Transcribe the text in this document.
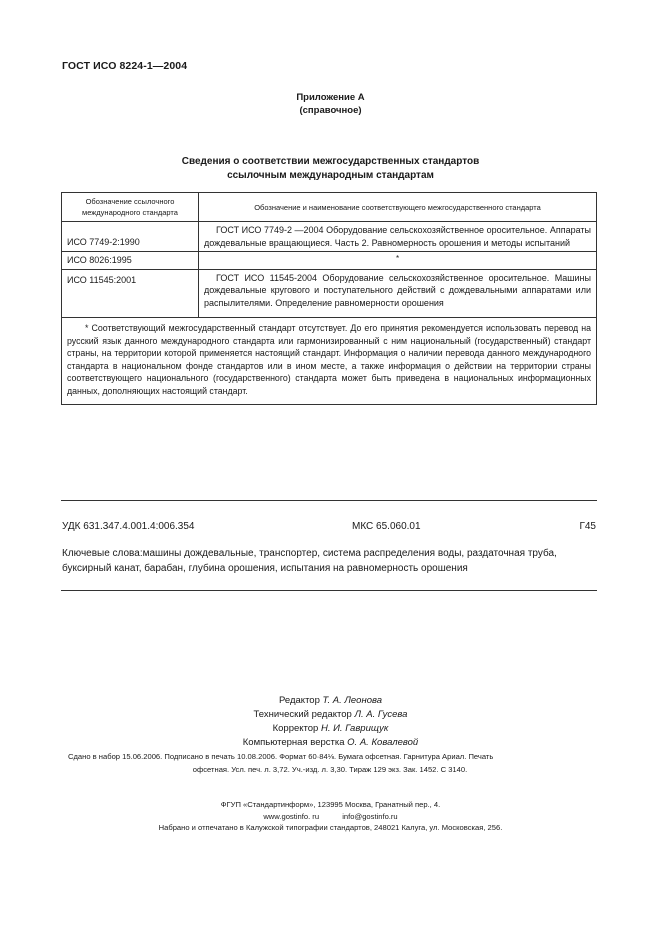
ГОСТ ИСО 8224-1—2004
Приложение А
(справочное)
Сведения о соответствии межгосударственных стандартов
ссылочным международным стандартам
Обозначение ссылочного международного стандарта	Обозначение и наименование соответствующего межгосударственного стандарта
ИСО 7749-2:1990	ГОСТ ИСО 7749-2 —2004 Оборудование сельскохозяйственное оросительное. Аппараты дождевальные вращающиеся. Часть 2. Равномерность орошения и методы испытаний
ИСО 8026:1995	*
ИСО 11545:2001	ГОСТ ИСО 11545-2004 Оборудование сельскохозяйственное оросительное. Машины дождевальные кругового и поступательного действий с дождевальными аппаратами или распылителями. Определение равномерности орошения
* Соответствующий межгосударственный стандарт отсутствует. До его принятия рекомендуется использовать перевод на русский язык данного международного стандарта или гармонизированный с ним национальный (государственный) стандарт страны, на территории которой применяется настоящий стандарт. Информация о наличии перевода данного международного стандарта в национальном фонде стандартов или в ином месте, а также информация о действии на территории страны соответствующего национального (государственного) стандарта может быть приведена в национальных информационных данных, дополняющих настоящий стандарт.	
УДК 631.347.4.001.4:006.354	МКС 65.060.01	Г45
Ключевые слова:машины дождевальные, транспортер, система распределения воды, раздаточная труба, буксирный канат, барабан, глубина орошения, испытания на равномерность орошения
Редактор Т. А. Леонова
Технический редактор Л. А. Гусева
Корректор Н. И. Гаврищук
Компьютерная верстка О. А. Ковалевой
Сдано в набор 15.06.2006. Подписано в печать 10.08.2006. Формат 60·84⅛. Бумага офсетная. Гарнитура Ариал. Печать
офсетная. Усл. печ. л. 3,72. Уч.-изд. л. 3,30. Тираж 129 экз. Зак. 1452. С 3140.
ФГУП «Стандартинформ», 123995 Москва, Гранатный пер., 4.
www.gostinfo. ru           info@gostinfo.ru
Набрано и отпечатано в Калужской типографии стандартов, 248021 Калуга, ул. Московская, 256.
